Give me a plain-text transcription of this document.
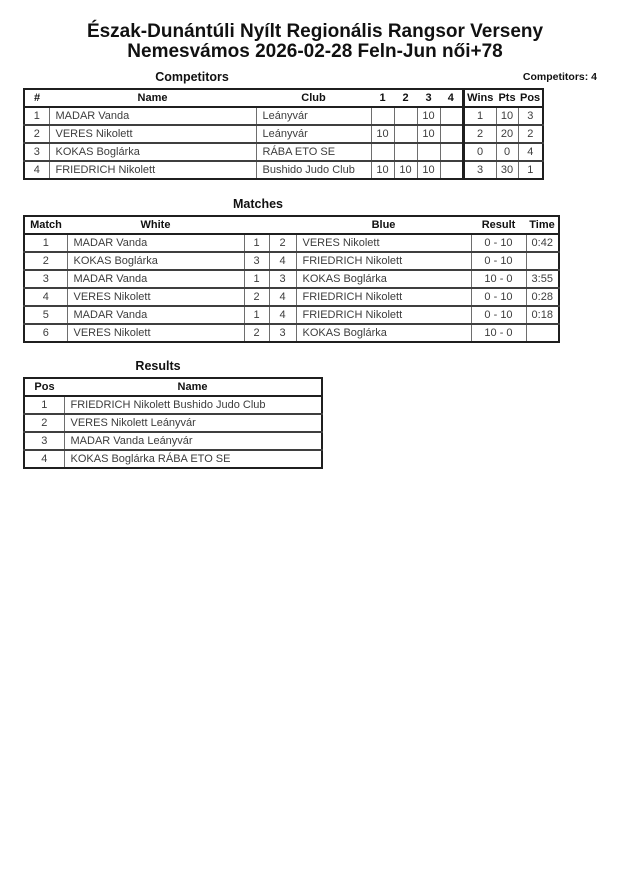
Észak-Dunántúli Nyílt Regionális Rangsor Verseny
Nemesvámos 2026-02-28 Feln-Jun női+78
Competitors	Competitors: 4
#	Name	Club	1	2	3	4	Wins	Pts	Pos
1	MADAR Vanda	Leányvár			10		1	10	3
2	VERES Nikolett	Leányvár	10		10		2	20	2
3	KOKAS Boglárka	RÁBA ETO SE					0	0	4
4	FRIEDRICH Nikolett	Bushido Judo Club	10	10	10		3	30	1
Matches
Match	White			Blue	Result	Time
1	MADAR Vanda	1	2	VERES Nikolett	0 - 10	0:42
2	KOKAS Boglárka	3	4	FRIEDRICH Nikolett	0 - 10	
3	MADAR Vanda	1	3	KOKAS Boglárka	10 - 0	3:55
4	VERES Nikolett	2	4	FRIEDRICH Nikolett	0 - 10	0:28
5	MADAR Vanda	1	4	FRIEDRICH Nikolett	0 - 10	0:18
6	VERES Nikolett	2	3	KOKAS Boglárka	10 - 0	
Results
Pos	Name
1	FRIEDRICH Nikolett Bushido Judo Club
2	VERES Nikolett Leányvár
3	MADAR Vanda Leányvár
4	KOKAS Boglárka RÁBA ETO SE
